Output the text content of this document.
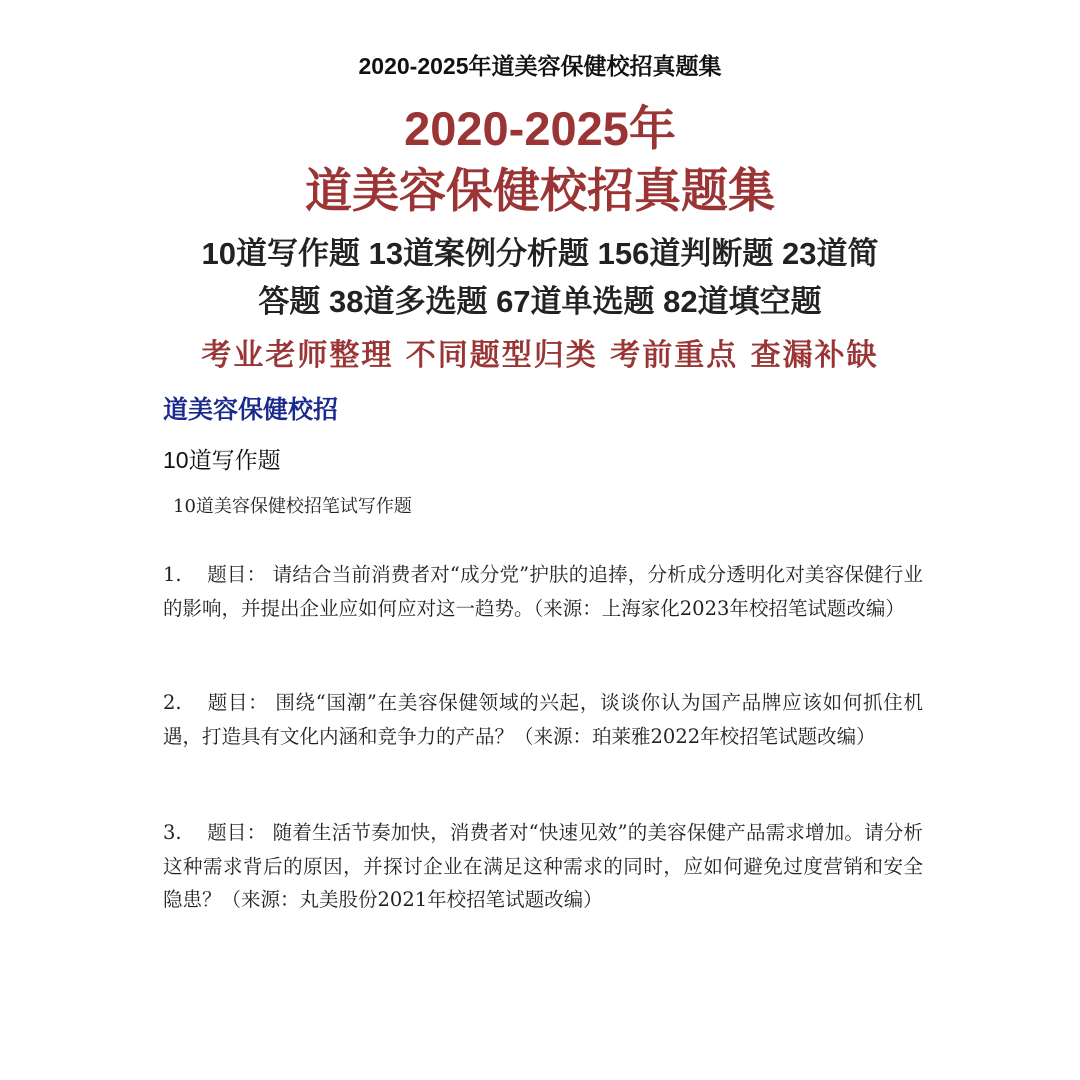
2020-2025年道美容保健校招真题集
2020-2025年
道美容保健校招真题集
10道写作题 13道案例分析题 156道判断题 23道简
答题 38道多选题 67道单选题 82道填空题
考业老师整理 不同题型归类 考前重点 查漏补缺
道美容保健校招
10道写作题
10道美容保健校招笔试写作题
1. 题目： 请结合当前消费者对“成分党”护肤的追捧，分析成分透明化对美容保健行业的影响，并提出企业应如何应对这一趋势。（来源：上海家化2023年校招笔试题改编）
2. 题目： 围绕“国潮”在美容保健领域的兴起，谈谈你认为国产品牌应该如何抓住机遇，打造具有文化内涵和竞争力的产品？（来源：珀莱雅2022年校招笔试题改编）
3. 题目： 随着生活节奏加快，消费者对“快速见效”的美容保健产品需求增加。请分析这种需求背后的原因，并探讨企业在满足这种需求的同时，应如何避免过度营销和安全隐患？（来源：丸美股份2021年校招笔试题改编）
